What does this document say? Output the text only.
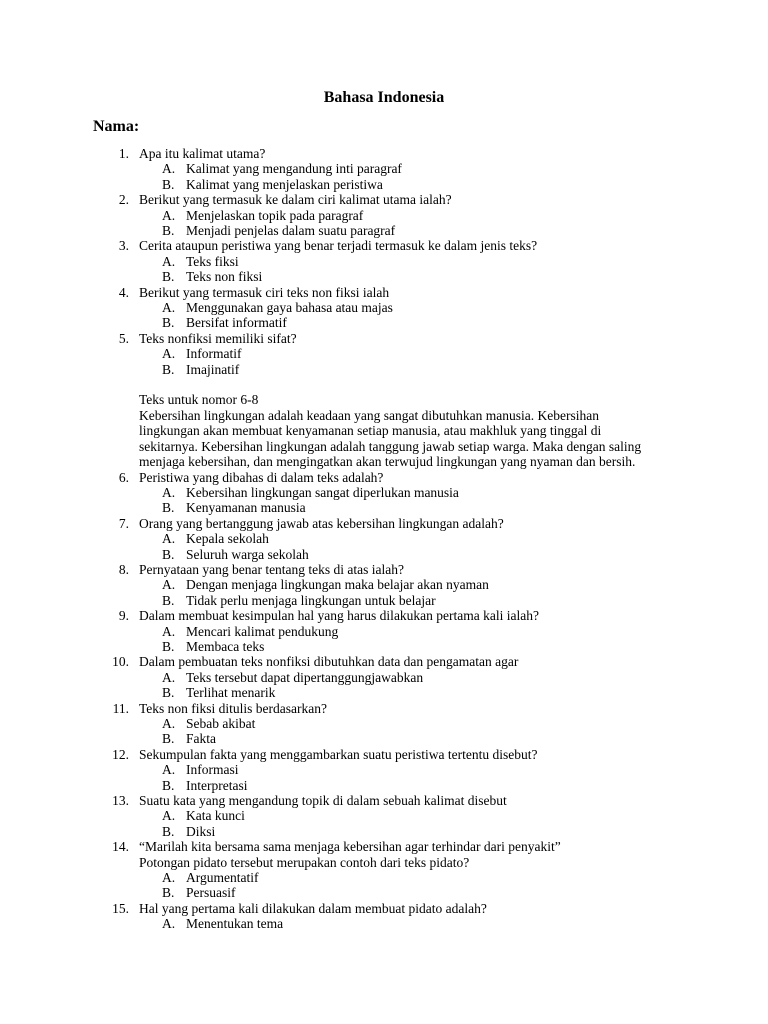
Bahasa Indonesia
Nama:
1. Apa itu kalimat utama?
A. Kalimat yang mengandung inti paragraf
B. Kalimat yang menjelaskan peristiwa
2. Berikut yang termasuk ke dalam ciri kalimat utama ialah?
A. Menjelaskan topik pada paragraf
B. Menjadi penjelas dalam suatu paragraf
3. Cerita ataupun peristiwa yang benar terjadi termasuk ke dalam jenis teks?
A. Teks fiksi
B. Teks non fiksi
4. Berikut yang termasuk ciri teks non fiksi ialah
A. Menggunakan gaya bahasa atau majas
B. Bersifat informatif
5. Teks nonfiksi memiliki sifat?
A. Informatif
B. Imajinatif
Teks untuk nomor 6-8
Kebersihan lingkungan adalah keadaan yang sangat dibutuhkan manusia. Kebersihan
lingkungan akan membuat kenyamanan setiap manusia, atau makhluk yang tinggal di
sekitarnya. Kebersihan lingkungan adalah tanggung jawab setiap warga. Maka dengan saling
menjaga kebersihan, dan mengingatkan akan terwujud lingkungan yang nyaman dan bersih.
6. Peristiwa yang dibahas di dalam teks adalah?
A. Kebersihan lingkungan sangat diperlukan manusia
B. Kenyamanan manusia
7. Orang yang bertanggung jawab atas kebersihan lingkungan adalah?
A. Kepala sekolah
B. Seluruh warga sekolah
8. Pernyataan yang benar tentang teks di atas ialah?
A. Dengan menjaga lingkungan maka belajar akan nyaman
B. Tidak perlu menjaga lingkungan untuk belajar
9. Dalam membuat kesimpulan hal yang harus dilakukan pertama kali ialah?
A. Mencari kalimat pendukung
B. Membaca teks
10. Dalam pembuatan teks nonfiksi dibutuhkan data dan pengamatan agar
A. Teks tersebut dapat dipertanggungjawabkan
B. Terlihat menarik
11. Teks non fiksi ditulis berdasarkan?
A. Sebab akibat
B. Fakta
12. Sekumpulan fakta yang menggambarkan suatu peristiwa tertentu disebut?
A. Informasi
B. Interpretasi
13. Suatu kata yang mengandung topik di dalam sebuah kalimat disebut
A. Kata kunci
B. Diksi
14. “Marilah kita bersama sama menjaga kebersihan agar terhindar dari penyakit”
Potongan pidato tersebut merupakan contoh dari teks pidato?
A. Argumentatif
B. Persuasif
15. Hal yang pertama kali dilakukan dalam membuat pidato adalah?
A. Menentukan tema
